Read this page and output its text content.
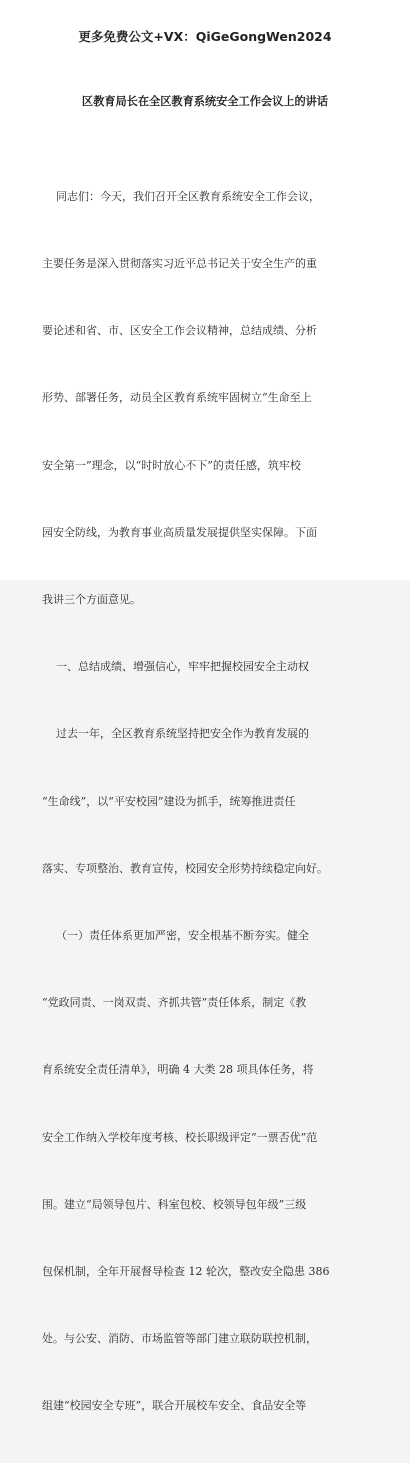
更多免费公文+VX：QiGeGongWen2024
区教育局长在全区教育系统安全工作会议上的讲话

同志们：今天，我们召开全区教育系统安全工作会议，

主要任务是深入贯彻落实习近平总书记关于安全生产的重

要论述和省、市、区安全工作会议精神，总结成绩、分析

形势、部署任务，动员全区教育系统牢固树立“生命至上

安全第一”理念，以“时时放心不下”的责任感，筑牢校

园安全防线，为教育事业高质量发展提供坚实保障。下面

我讲三个方面意见。

一、总结成绩、增强信心，牢牢把握校园安全主动权

过去一年，全区教育系统坚持把安全作为教育发展的

“生命线”，以“平安校园”建设为抓手，统筹推进责任

落实、专项整治、教育宣传，校园安全形势持续稳定向好。

（一）责任体系更加严密，安全根基不断夯实。健全

“党政同责、一岗双责、齐抓共管”责任体系，制定《教

育系统安全责任清单》，明确 4 大类 28 项具体任务，将

安全工作纳入学校年度考核、校长职级评定“一票否优”范

围。建立“局领导包片、科室包校、校领导包年级”三级

包保机制，全年开展督导检查 12 轮次，整改安全隐患 386

处。与公安、消防、市场监管等部门建立联防联控机制，

组建“校园安全专班”，联合开展校车安全、食品安全等
